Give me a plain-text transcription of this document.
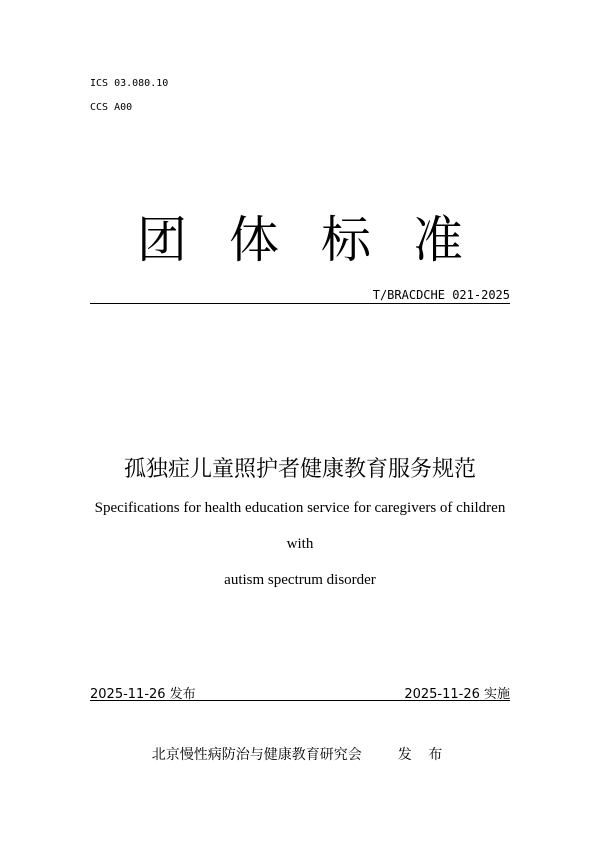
ICS 03.080.10
CCS A00
团体标准
T/BRACDCHE 021-2025
孤独症儿童照护者健康教育服务规范
Specifications for health education service for caregivers of children with
autism spectrum disorder
2025-11-26 发布	2025-11-26 实施
北京慢性病防治与健康教育研究会	发 布
